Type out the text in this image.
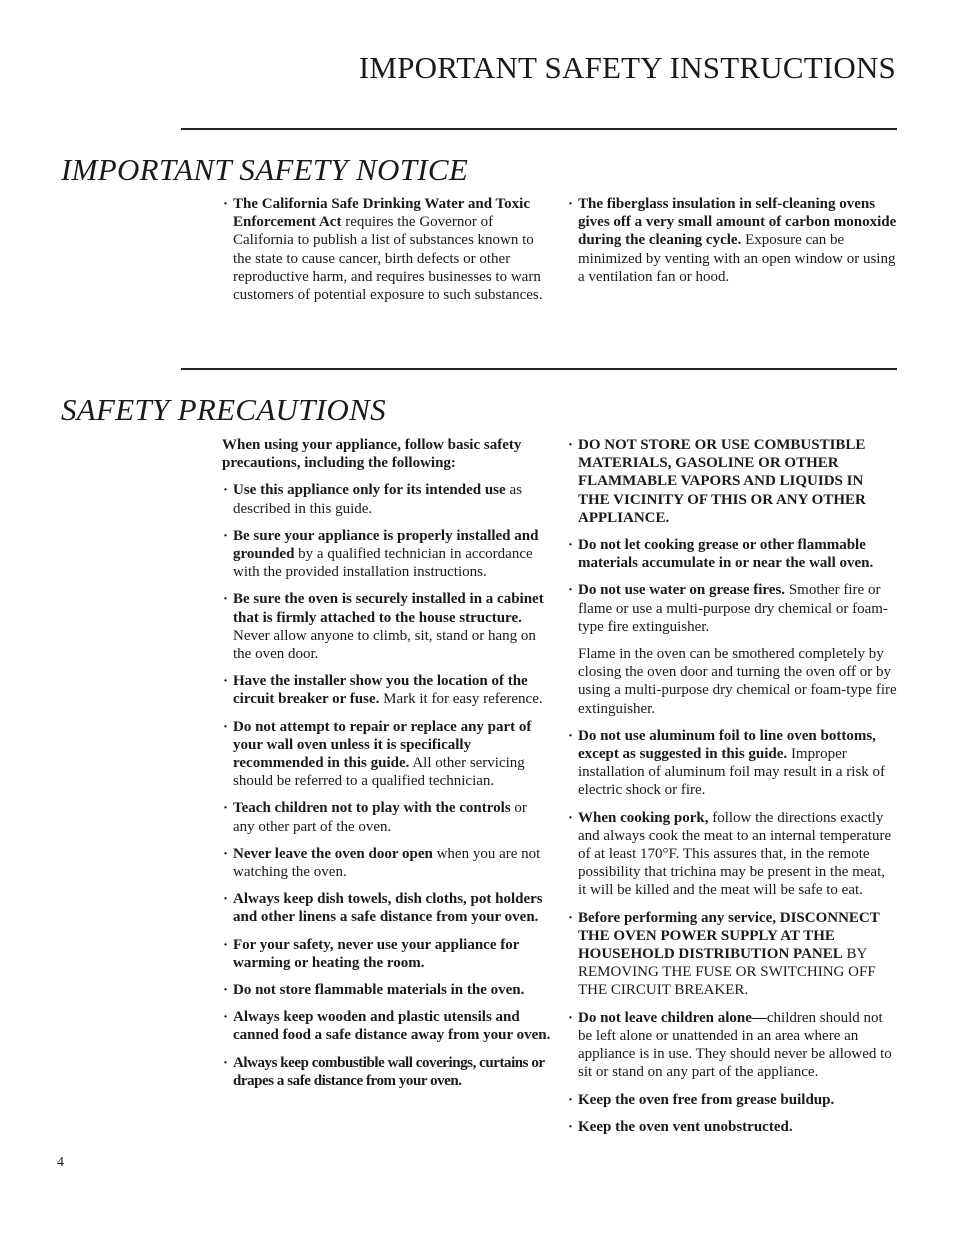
IMPORTANT SAFETY INSTRUCTIONS
IMPORTANT SAFETY NOTICE

· The California Safe Drinking Water and Toxic Enforcement Act requires the Governor of California to publish a list of substances known to the state to cause cancer, birth defects or other reproductive harm, and requires businesses to warn customers of potential exposure to such substances.

· The fiberglass insulation in self-cleaning ovens gives off a very small amount of carbon monoxide during the cleaning cycle. Exposure can be minimized by venting with an open window or using a ventilation fan or hood.

SAFETY PRECAUTIONS

When using your appliance, follow basic safety precautions, including the following:

· Use this appliance only for its intended use as described in this guide.

· Be sure your appliance is properly installed and grounded by a qualified technician in accordance with the provided installation instructions.

· Be sure the oven is securely installed in a cabinet that is firmly attached to the house structure. Never allow anyone to climb, sit, stand or hang on the oven door.

· Have the installer show you the location of the circuit breaker or fuse. Mark it for easy reference.

· Do not attempt to repair or replace any part of your wall oven unless it is specifically recommended in this guide. All other servicing should be referred to a qualified technician.

· Teach children not to play with the controls or any other part of the oven.

· Never leave the oven door open when you are not watching the oven.

· Always keep dish towels, dish cloths, pot holders and other linens a safe distance from your oven.

· For your safety, never use your appliance for warming or heating the room.

· Do not store flammable materials in the oven.

· Always keep wooden and plastic utensils and canned food a safe distance away from your oven.

· Always keep combustible wall coverings, curtains or drapes a safe distance from your oven.

· DO NOT STORE OR USE COMBUSTIBLE MATERIALS, GASOLINE OR OTHER FLAMMABLE VAPORS AND LIQUIDS IN THE VICINITY OF THIS OR ANY OTHER APPLIANCE.

· Do not let cooking grease or other flammable materials accumulate in or near the wall oven.

· Do not use water on grease fires. Smother fire or flame or use a multi-purpose dry chemical or foam-type fire extinguisher.

Flame in the oven can be smothered completely by closing the oven door and turning the oven off or by using a multi-purpose dry chemical or foam-type fire extinguisher.

· Do not use aluminum foil to line oven bottoms, except as suggested in this guide. Improper installation of aluminum foil may result in a risk of electric shock or fire.

· When cooking pork, follow the directions exactly and always cook the meat to an internal temperature of at least 170°F. This assures that, in the remote possibility that trichina may be present in the meat, it will be killed and the meat will be safe to eat.

· Before performing any service, DISCONNECT THE OVEN POWER SUPPLY AT THE HOUSEHOLD DISTRIBUTION PANEL BY REMOVING THE FUSE OR SWITCHING OFF THE CIRCUIT BREAKER.

· Do not leave children alone—children should not be left alone or unattended in an area where an appliance is in use. They should never be allowed to sit or stand on any part of the appliance.

· Keep the oven free from grease buildup.

· Keep the oven vent unobstructed.

4
